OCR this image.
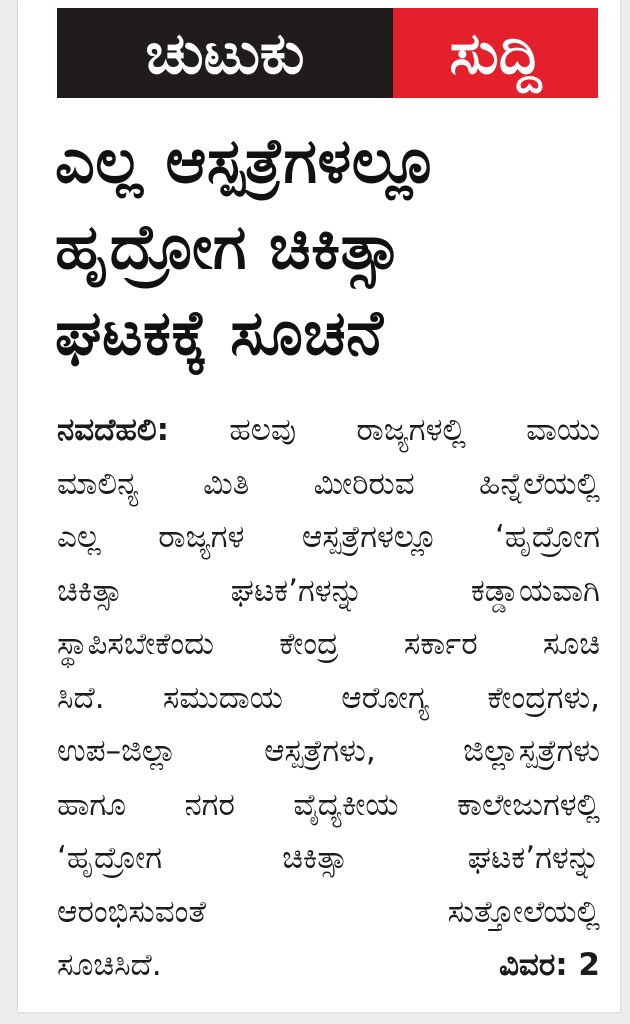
ಚುಟುಕು	ಸುದ್ದಿ
ಎಲ್ಲ ಆಸ್ಪತ್ರೆಗಳಲ್ಲೂ
ಹೃದ್ರೋಗ ಚಿಕಿತ್ಸಾ
ಘಟಕಕ್ಕೆ ಸೂಚನೆ
ನವದೆಹಲಿ: ಹಲವು ರಾಜ್ಯಗಳಲ್ಲಿ ವಾಯು
ಮಾಲಿನ್ಯ ಮಿತಿ ಮೀರಿರುವ ಹಿನ್ನೆಲೆಯಲ್ಲಿ
ಎಲ್ಲ ರಾಜ್ಯಗಳ ಆಸ್ಪತ್ರೆಗಳಲ್ಲೂ ‘ಹೃದ್ರೋಗ
ಚಿಕಿತ್ಸಾ ಘಟಕ’ಗಳನ್ನು ಕಡ್ಡಾಯವಾಗಿ
ಸ್ಥಾಪಿಸಬೇಕೆಂದು ಕೇಂದ್ರ ಸರ್ಕಾರ ಸೂಚಿ
ಸಿದೆ. ಸಮುದಾಯ ಆರೋಗ್ಯ ಕೇಂದ್ರಗಳು,
ಉಪ–ಜಿಲ್ಲಾ ಆಸ್ಪತ್ರೆಗಳು, ಜಿಲ್ಲಾಸ್ಪತ್ರೆಗಳು
ಹಾಗೂ ನಗರ ವೈದ್ಯಕೀಯ ಕಾಲೇಜುಗಳಲ್ಲಿ
‘ಹೃದ್ರೋಗ ಚಿಕಿತ್ಸಾ ಘಟಕ’ಗಳನ್ನು
ಆರಂಭಿಸುವಂತೆ ಸುತ್ತೋಲೆಯಲ್ಲಿ
ಸೂಚಿಸಿದೆ.	ವಿವರ: 2
